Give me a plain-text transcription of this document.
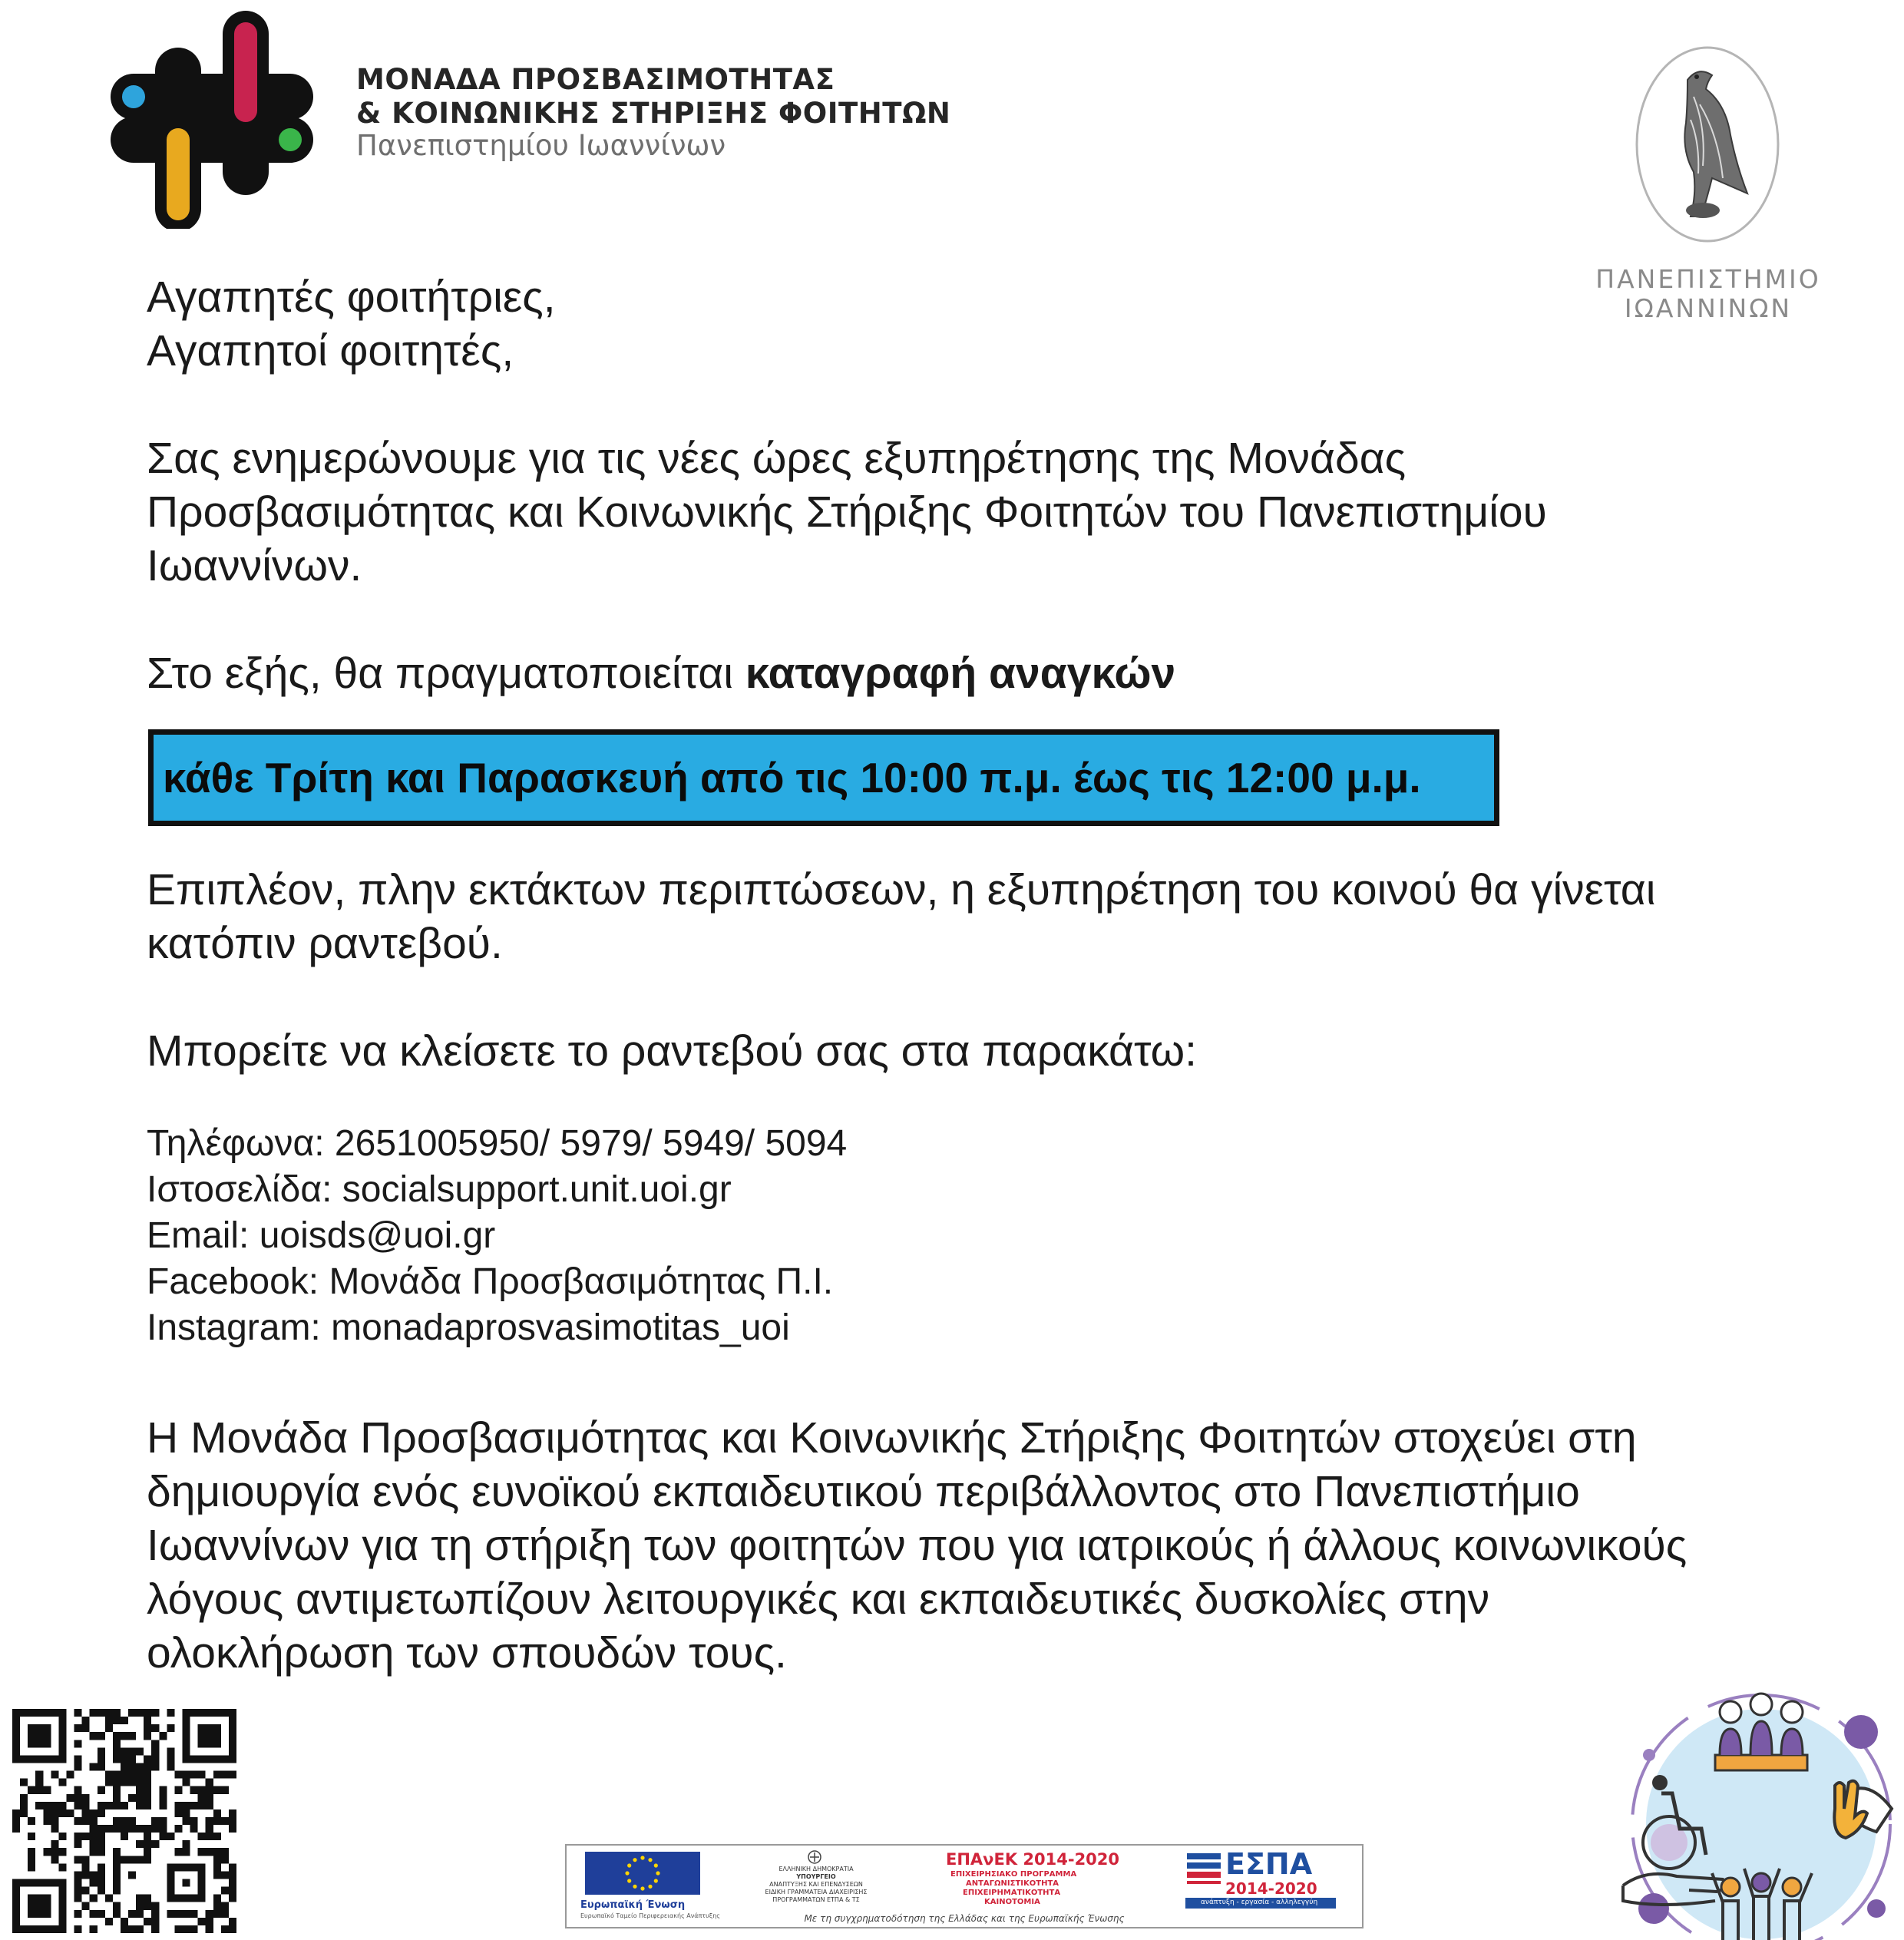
ΜΟΝΑΔΑ ΠΡΟΣΒΑΣΙΜΟΤΗΤΑΣ
& ΚΟΙΝΩΝΙΚΗΣ ΣΤΗΡΙΞΗΣ ΦΟΙΤΗΤΩΝ
Πανεπιστημίου Ιωαννίνων
ΠΑΝΕΠΙΣΤΗΜΙΟ
ΙΩΑΝΝΙΝΩΝ
Αγαπητές φοιτήτριες,
Αγαπητοί φοιτητές,
Σας ενημερώνουμε για τις νέες ώρες εξυπηρέτησης της Μονάδας
Προσβασιμότητας και Κοινωνικής Στήριξης Φοιτητών του Πανεπιστημίου
Ιωαννίνων.
Στο εξής, θα πραγματοποιείται καταγραφή αναγκών
κάθε Τρίτη και Παρασκευή από τις 10:00 π.μ. έως τις 12:00 μ.μ.
Επιπλέον, πλην εκτάκτων περιπτώσεων, η εξυπηρέτηση του κοινού θα γίνεται
κατόπιν ραντεβού.
Μπορείτε να κλείσετε το ραντεβού σας στα παρακάτω:
Τηλέφωνα: 2651005950/ 5979/ 5949/ 5094
Ιστοσελίδα: socialsupport.unit.uoi.gr
Email: uoisds@uoi.gr
Facebook: Μονάδα Προσβασιμότητας Π.Ι.
Instagram: monadaprosvasimotitas_uoi
Η Μονάδα Προσβασιμότητας και Κοινωνικής Στήριξης Φοιτητών στοχεύει στη
δημιουργία ενός ευνοϊκού εκπαιδευτικού περιβάλλοντος στο Πανεπιστήμιο
Ιωαννίνων για τη στήριξη των φοιτητών που για ιατρικούς ή άλλους κοινωνικούς
λόγους αντιμετωπίζουν λειτουργικές και εκπαιδευτικές δυσκολίες στην
ολοκλήρωση των σπουδών τους.
Ευρωπαϊκή Ένωση
Ευρωπαϊκό Ταμείο Περιφερειακής Ανάπτυξης
ΕΛΛΗΝΙΚΗ ΔΗΜΟΚΡΑΤΙΑ
ΥΠΟΥΡΓΕΙΟ
ΑΝΑΠΤΥΞΗΣ ΚΑΙ ΕΠΕΝΔΥΣΕΩΝ
ΕΙΔΙΚΗ ΓΡΑΜΜΑΤΕΙΑ ΔΙΑΧΕΙΡΙΣΗΣ
ΠΡΟΓΡΑΜΜΑΤΩΝ ΕΤΠΑ & ΤΣ
ΕΠΑνΕΚ 2014-2020
ΕΠΙΧΕΙΡΗΣΙΑΚΟ ΠΡΟΓΡΑΜΜΑ
ΑΝΤΑΓΩΝΙΣΤΙΚΟΤΗΤΑ
ΕΠΙΧΕΙΡΗΜΑΤΙΚΟΤΗΤΑ
ΚΑΙΝΟΤΟΜΙΑ
ΕΣΠΑ
2014-2020
ανάπτυξη - εργασία - αλληλεγγύη
Με τη συγχρηματοδότηση της Ελλάδας και της Ευρωπαϊκής Ένωσης
